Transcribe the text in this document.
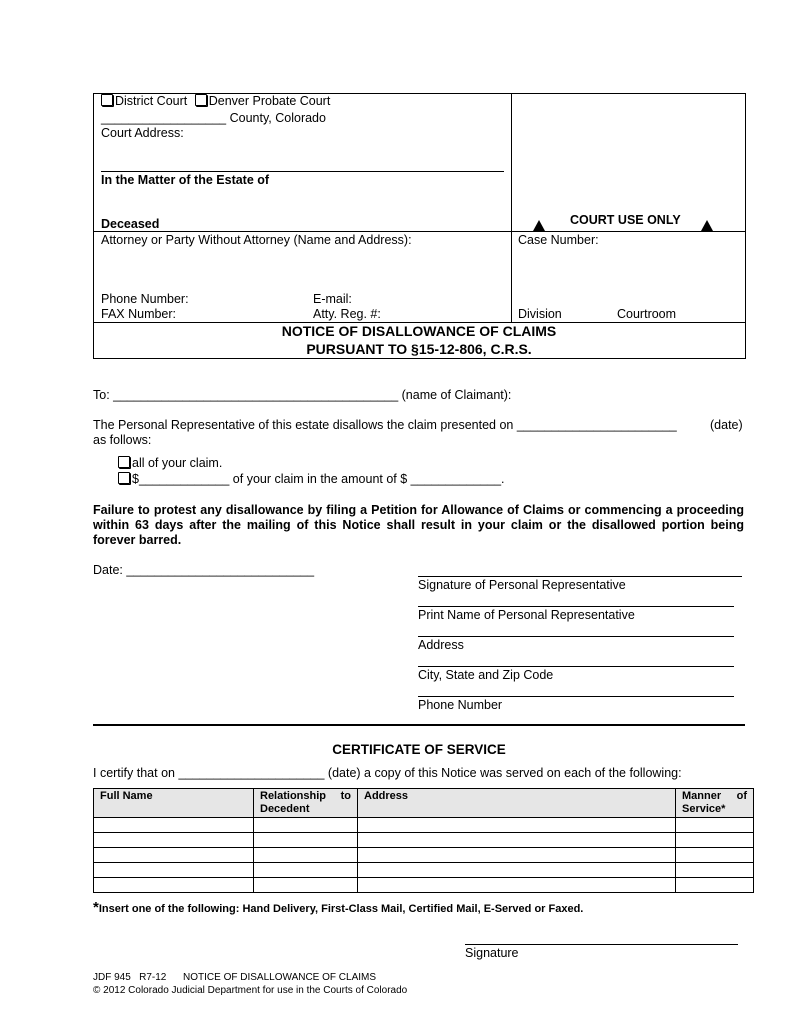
District Court Denver Probate Court
__________________ County, Colorado
Court Address:
In the Matter of the Estate of
Deceased	COURT USE ONLY
Attorney or Party Without Attorney (Name and Address):	Case Number:
Phone Number:	E-mail:
FAX Number:	Atty. Reg. #:	Division	Courtroom
NOTICE OF DISALLOWANCE OF CLAIMS
PURSUANT TO §15-12-806, C.R.S.
To: _________________________________________ (name of Claimant):
The Personal Representative of this estate disallows the claim presented on _______________________	(date)
as follows:
all of your claim.
$_____________ of your claim in the amount of $ _____________.
Failure to protest any disallowance by filing a Petition for Allowance of Claims or commencing a proceeding within 63 days after the mailing of this Notice shall result in your claim or the disallowed portion being forever barred.
Date: ___________________________
Signature of Personal Representative
Print Name of Personal Representative
Address
City, State and Zip Code
Phone Number
CERTIFICATE OF SERVICE
I certify that on _____________________ (date) a copy of this Notice was served on each of the following:
Full Name	Relationship to Decedent	Address	Manner of Service*

*Insert one of the following: Hand Delivery, First-Class Mail, Certified Mail, E-Served or Faxed.
Signature
JDF 945   R7-12      NOTICE OF DISALLOWANCE OF CLAIMS
© 2012 Colorado Judicial Department for use in the Courts of Colorado
